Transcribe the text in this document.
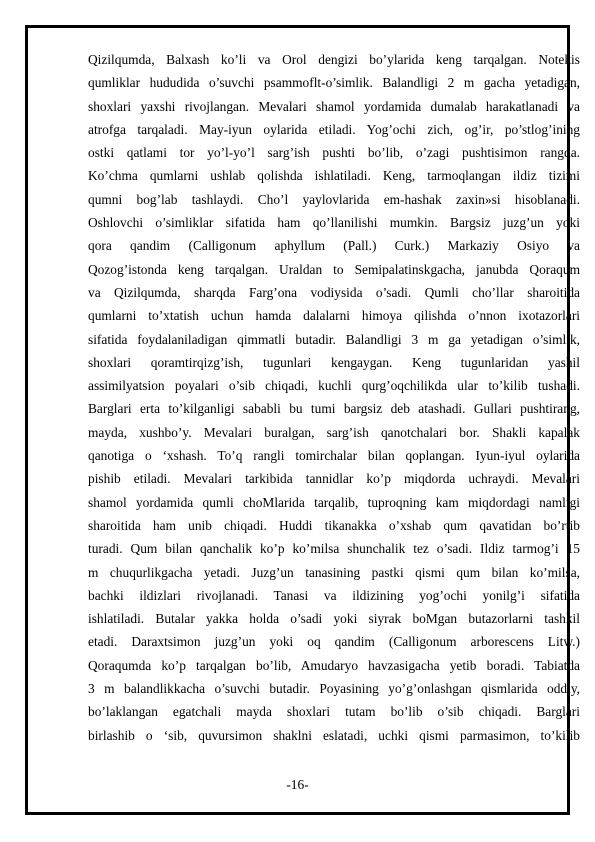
Qizilqumda, Balxash ko’li va Orol dengizi bo’ylarida keng tarqalgan. Notekis
qumliklar hududida o’suvchi psammoflt-o’simlik. Balandligi 2 m gacha yetadigan,
shoxlari yaxshi rivojlangan. Mevalari shamol yordamida dumalab harakatlanadi va
atrofga tarqaladi. May-iyun oylarida etiladi. Yog’ochi zich, og’ir, po’stlog’ining
ostki qatlami tor yo’l-yo’l sarg’ish pushti bo’lib, o’zagi pushtisimon rangda.
Ko’chma qumlarni ushlab qolishda ishlatiladi. Keng, tarmoqlangan ildiz tizimi
qumni bog’lab tashlaydi. Cho’l yaylovlarida em-hashak zaxin»si hisoblanadi.
Oshlovchi o’simliklar sifatida ham qo’llanilishi mumkin. Bargsiz juzg’un yoki
qora qandim (Calligonum aphyllum (Pall.) Curk.) Markaziy Osiyo va
Qozog’istonda keng tarqalgan. Uraldan to Semipalatinskgacha, janubda Qoraqum
va Qizilqumda, sharqda Farg’ona vodiysida o’sadi. Qumli cho’llar sharoitida
qumlarni to’xtatish uchun hamda dalalarni himoya qilishda o’nnon ixotazorlari
sifatida foydalaniladigan qimmatli butadir. Balandligi 3 m ga yetadigan o’simlik,
shoxlari qoramtirqizg’ish, tugunlari kengaygan. Keng tugunlaridan yashil
assimilyatsion poyalari o’sib chiqadi, kuchli qurg’oqchilikda ular to’kilib tushadi.
Barglari erta to’kilganligi sababli bu tumi bargsiz deb atashadi. Gullari pushtirang,
mayda, xushbo’y. Mevalari buralgan, sarg’ish qanotchalari bor. Shakli kapalak
qanotiga o ‘xshash. To’q rangli tomirchalar bilan qoplangan. Iyun-iyul oylarida
pishib etiladi. Mevalari tarkibida tannidlar ko’p miqdorda uchraydi. Mevalari
shamol yordamida qumli choMlarida tarqalib, tuproqning kam miqdordagi namligi
sharoitida ham unib chiqadi. Huddi tikanakka o’xshab qum qavatidan bo’rtib
turadi. Qum bilan qanchalik ko’p ko’milsa shunchalik tez o’sadi. Ildiz tarmog’i 15
m chuqurlikgacha yetadi. Juzg’un tanasining pastki qismi qum bilan ko’milsa,
bachki ildizlari rivojlanadi. Tanasi va ildizining yog’ochi yonilg’i sifatida
ishlatiladi. Butalar yakka holda o’sadi yoki siyrak boMgan butazorlarni tashkil
etadi. Daraxtsimon juzg’un yoki oq qandim (Calligonum arborescens Litw.)
Qoraqumda ko’p tarqalgan bo’lib, Amudaryo havzasigacha yetib boradi. Tabiatda
3 m balandlikkacha o’suvchi butadir. Poyasining yo’g’onlashgan qismlarida oddiy,
bo’laklangan egatchali mayda shoxlari tutam bo’lib o’sib chiqadi. Barglari
birlashib o ‘sib, quvursimon shaklni eslatadi, uchki qismi parmasimon, to’kilib
-16-
